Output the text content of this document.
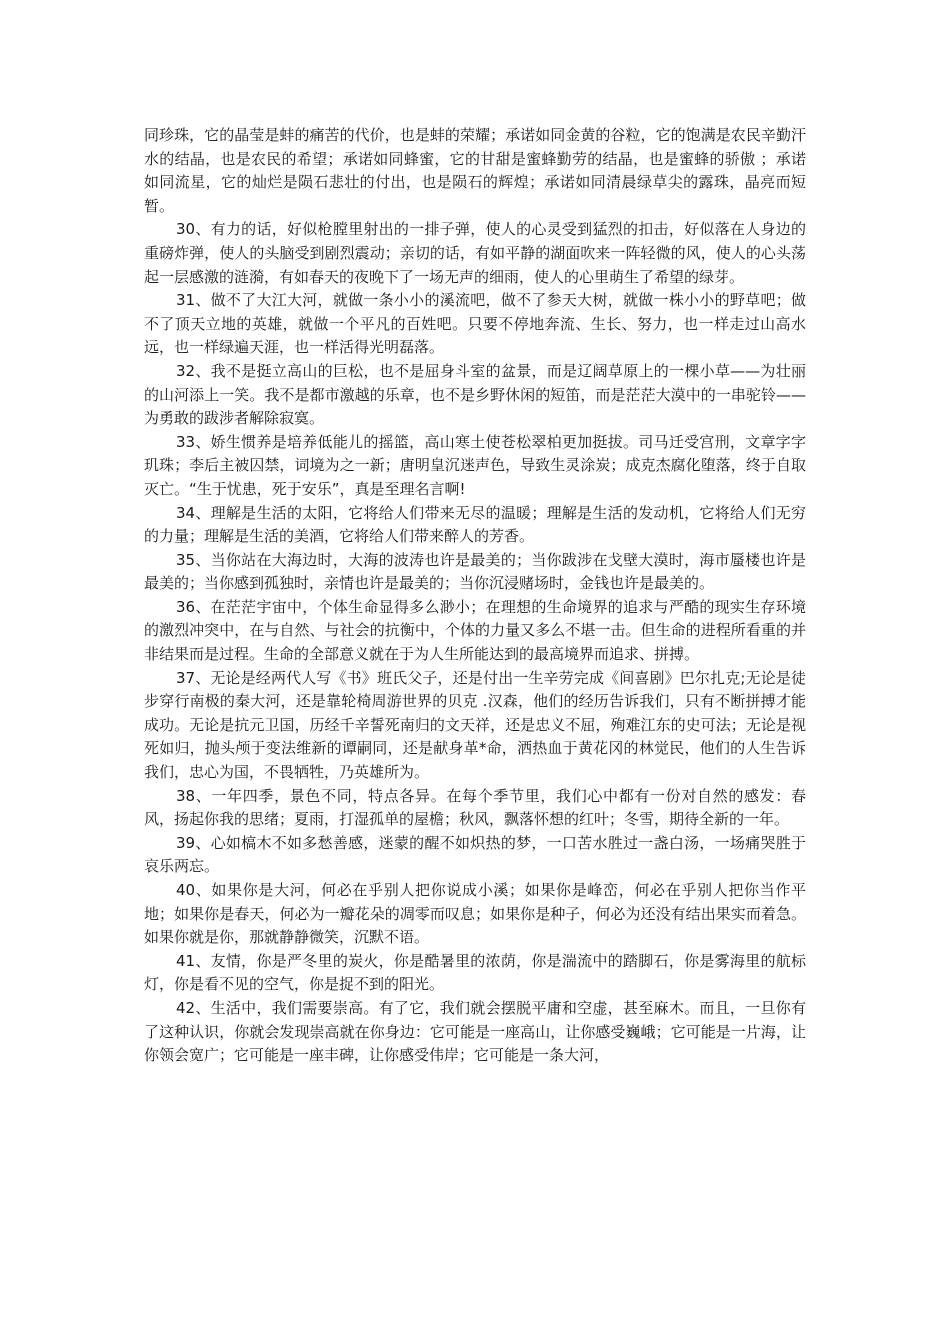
同珍珠，它的晶莹是蚌的痛苦的代价，也是蚌的荣耀；承诺如同金黄的谷粒，它的饱满是农民辛勤汗水的结晶，也是农民的希望；承诺如同蜂蜜，它的甘甜是蜜蜂勤劳的结晶，也是蜜蜂的骄傲 ；承诺如同流星，它的灿烂是陨石悲壮的付出，也是陨石的辉煌；承诺如同清晨绿草尖的露珠，晶亮而短暂。

30、有力的话，好似枪膛里射出的一排子弹，使人的心灵受到猛烈的扣击，好似落在人身边的重磅炸弹，使人的头脑受到剧烈震动；亲切的话，有如平静的湖面吹来一阵轻微的风，使人的心头荡起一层感激的涟漪，有如春天的夜晚下了一场无声的细雨，使人的心里萌生了希望的绿芽。

31、做不了大江大河，就做一条小小的溪流吧，做不了参天大树，就做一株小小的野草吧；做不了顶天立地的英雄，就做一个平凡的百姓吧。只要不停地奔流、生长、努力，也一样走过山高水远，也一样绿遍天涯，也一样活得光明磊落。

32、我不是挺立高山的巨松，也不是屈身斗室的盆景，而是辽阔草原上的一棵小草——为壮丽的山河添上一笑。我不是都市激越的乐章，也不是乡野休闲的短笛，而是茫茫大漠中的一串驼铃——为勇敢的跋涉者解除寂寞。

33、娇生惯养是培养低能儿的摇篮，高山寒土使苍松翠柏更加挺拔。司马迁受宫刑，文章字字玑珠；李后主被囚禁，词境为之一新；唐明皇沉迷声色，导致生灵涂炭；成克杰腐化堕落，终于自取灭亡。“生于忧患，死于安乐”，真是至理名言啊!

34、理解是生活的太阳，它将给人们带来无尽的温暖；理解是生活的发动机，它将给人们无穷的力量；理解是生活的美酒，它将给人们带来醉人的芳香。

35、当你站在大海边时，大海的波涛也许是最美的；当你跋涉在戈壁大漠时，海市蜃楼也许是最美的；当你感到孤独时，亲情也许是最美的；当你沉浸赌场时，金钱也许是最美的。

36、在茫茫宇宙中，个体生命显得多么渺小；在理想的生命境界的追求与严酷的现实生存环境的激烈冲突中，在与自然、与社会的抗衡中，个体的力量又多么不堪一击。但生命的进程所看重的并非结果而是过程。生命的全部意义就在于为人生所能达到的最高境界而追求、拼搏。

37、无论是经两代人写《书》班氏父子，还是付出一生辛劳完成《间喜剧》巴尔扎克;无论是徒步穿行南极的秦大河，还是靠轮椅周游世界的贝克 .汉森，他们的经历告诉我们，只有不断拼搏才能成功。无论是抗元卫国，历经千辛誓死南归的文天祥，还是忠义不屈，殉难江东的史可法；无论是视死如归，抛头颅于变法维新的谭嗣同，还是献身革*命，洒热血于黄花冈的林觉民，他们的人生告诉我们，忠心为国，不畏牺牲，乃英雄所为。

38、一年四季，景色不同，特点各异。在每个季节里，我们心中都有一份对自然的感发：春风，扬起你我的思绪；夏雨，打湿孤单的屋檐；秋风，飘落怀想的红叶；冬雪，期待全新的一年。

39、心如槁木不如多愁善感，迷蒙的醒不如炽热的梦，一口苦水胜过一盏白汤，一场痛哭胜于哀乐两忘。

40、如果你是大河，何必在乎别人把你说成小溪；如果你是峰峦，何必在乎别人把你当作平地；如果你是春天，何必为一瓣花朵的凋零而叹息；如果你是种子，何必为还没有结出果实而着急。如果你就是你，那就静静微笑，沉默不语。

41、友情，你是严冬里的炭火，你是酷暑里的浓荫，你是湍流中的踏脚石，你是雾海里的航标灯，你是看不见的空气，你是捉不到的阳光。

42、生活中，我们需要崇高。有了它，我们就会摆脱平庸和空虚，甚至麻木。而且，一旦你有了这种认识，你就会发现崇高就在你身边：它可能是一座高山，让你感受巍峨；它可能是一片海，让你领会宽广；它可能是一座丰碑，让你感受伟岸；它可能是一条大河，
